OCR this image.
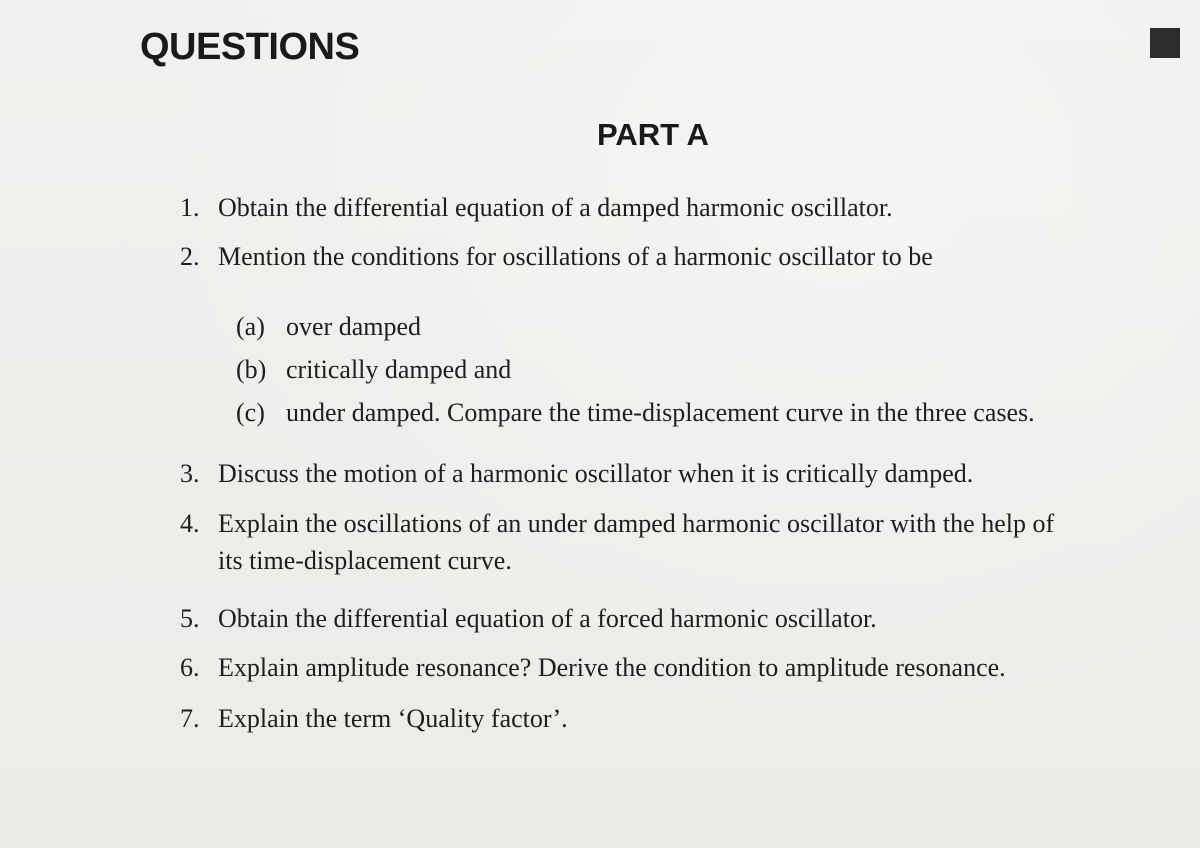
QUESTIONS
PART A
1. Obtain the differential equation of a damped harmonic oscillator.
2. Mention the conditions for oscillations of a harmonic oscillator to be
(a) over damped
(b) critically damped and
(c) under damped. Compare the time-displacement curve in the three cases.
3. Discuss the motion of a harmonic oscillator when it is critically damped.
4. Explain the oscillations of an under damped harmonic oscillator with the help of
its time-displacement curve.
5. Obtain the differential equation of a forced harmonic oscillator.
6. Explain amplitude resonance? Derive the condition to amplitude resonance.
7. Explain the term ‘Quality factor’.
